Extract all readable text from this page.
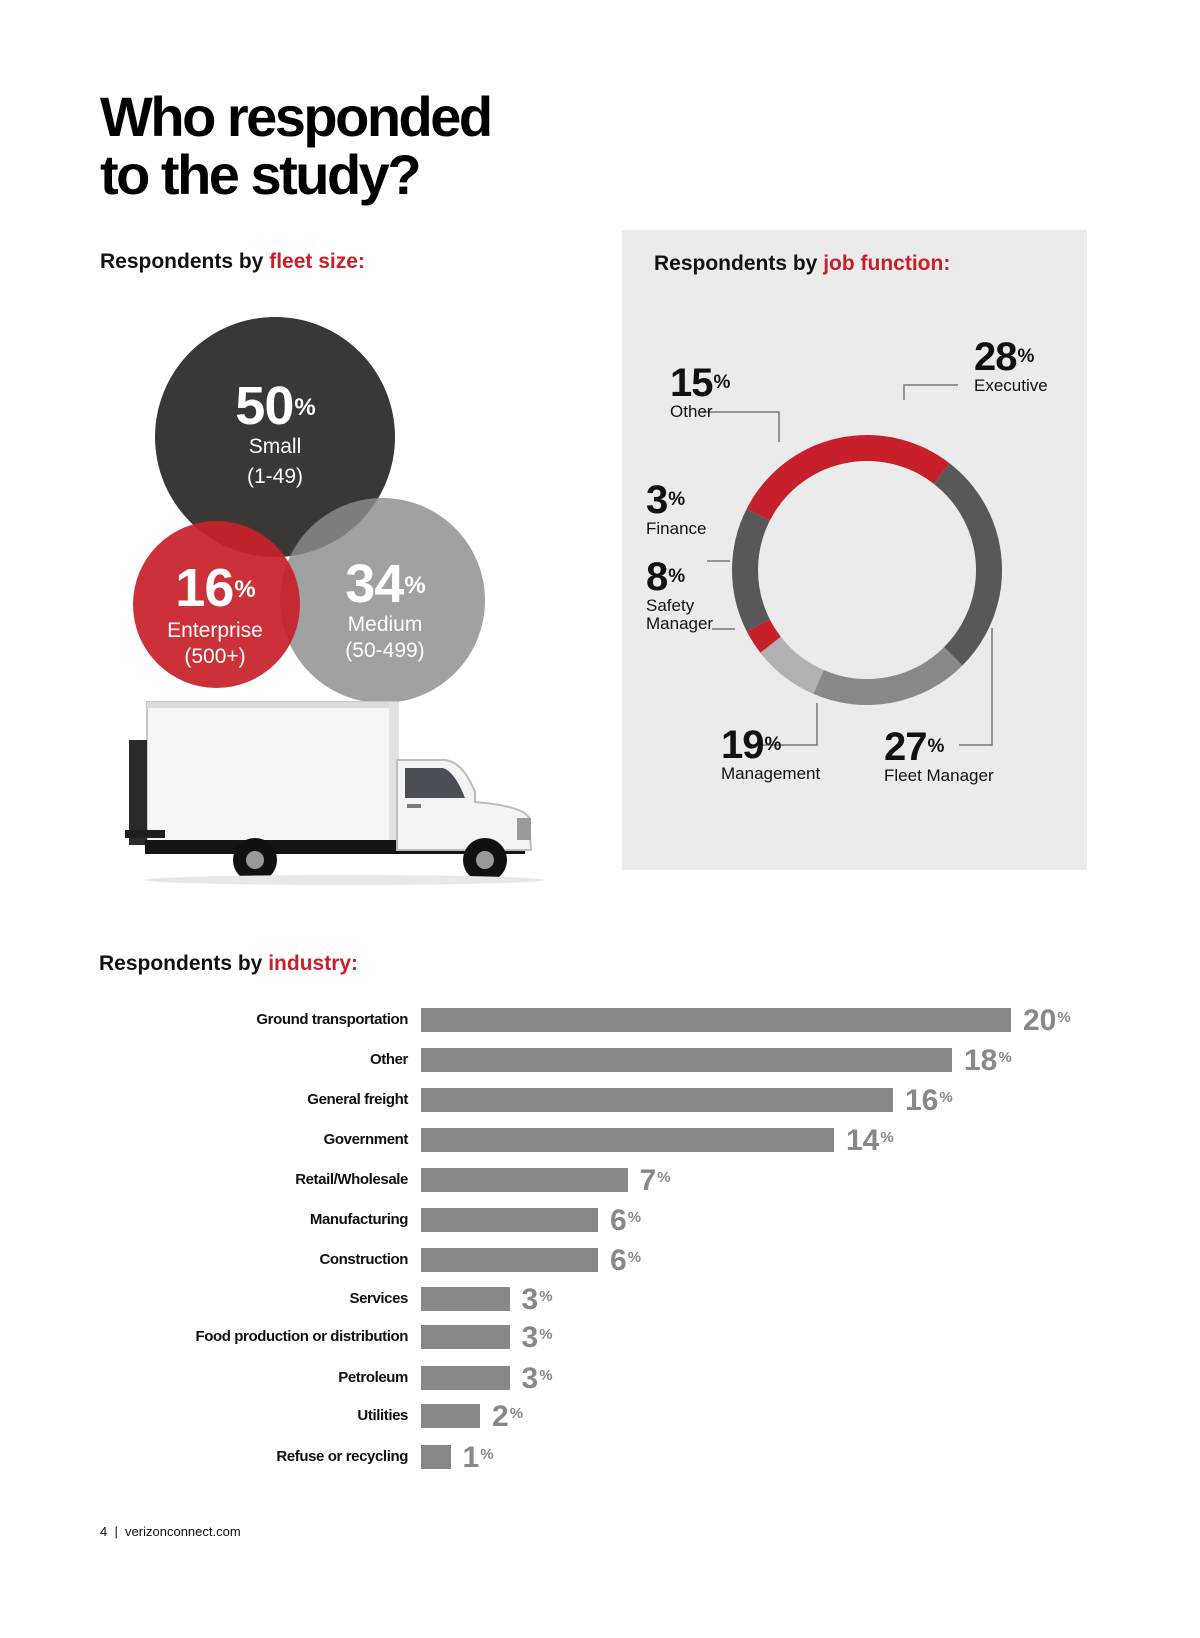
Who responded
to the study?
Respondents by fleet size:
50%
Small
(1-49)
16%
Enterprise
(500+)
34%
Medium
(50-499)
Respondents by job function:
28%
Executive
27%
Fleet Manager
19%
Management
8%
Safety
Manager
3%
Finance
15%
Other
Respondents by industry:
Ground transportation	20%
Other	18%
General freight	16%
Government	14%
Retail/Wholesale	7%
Manufacturing	6%
Construction	6%
Services	3%
Food production or distribution	3%
Petroleum	3%
Utilities	2%
Refuse or recycling 1%
4  |  verizonconnect.com
